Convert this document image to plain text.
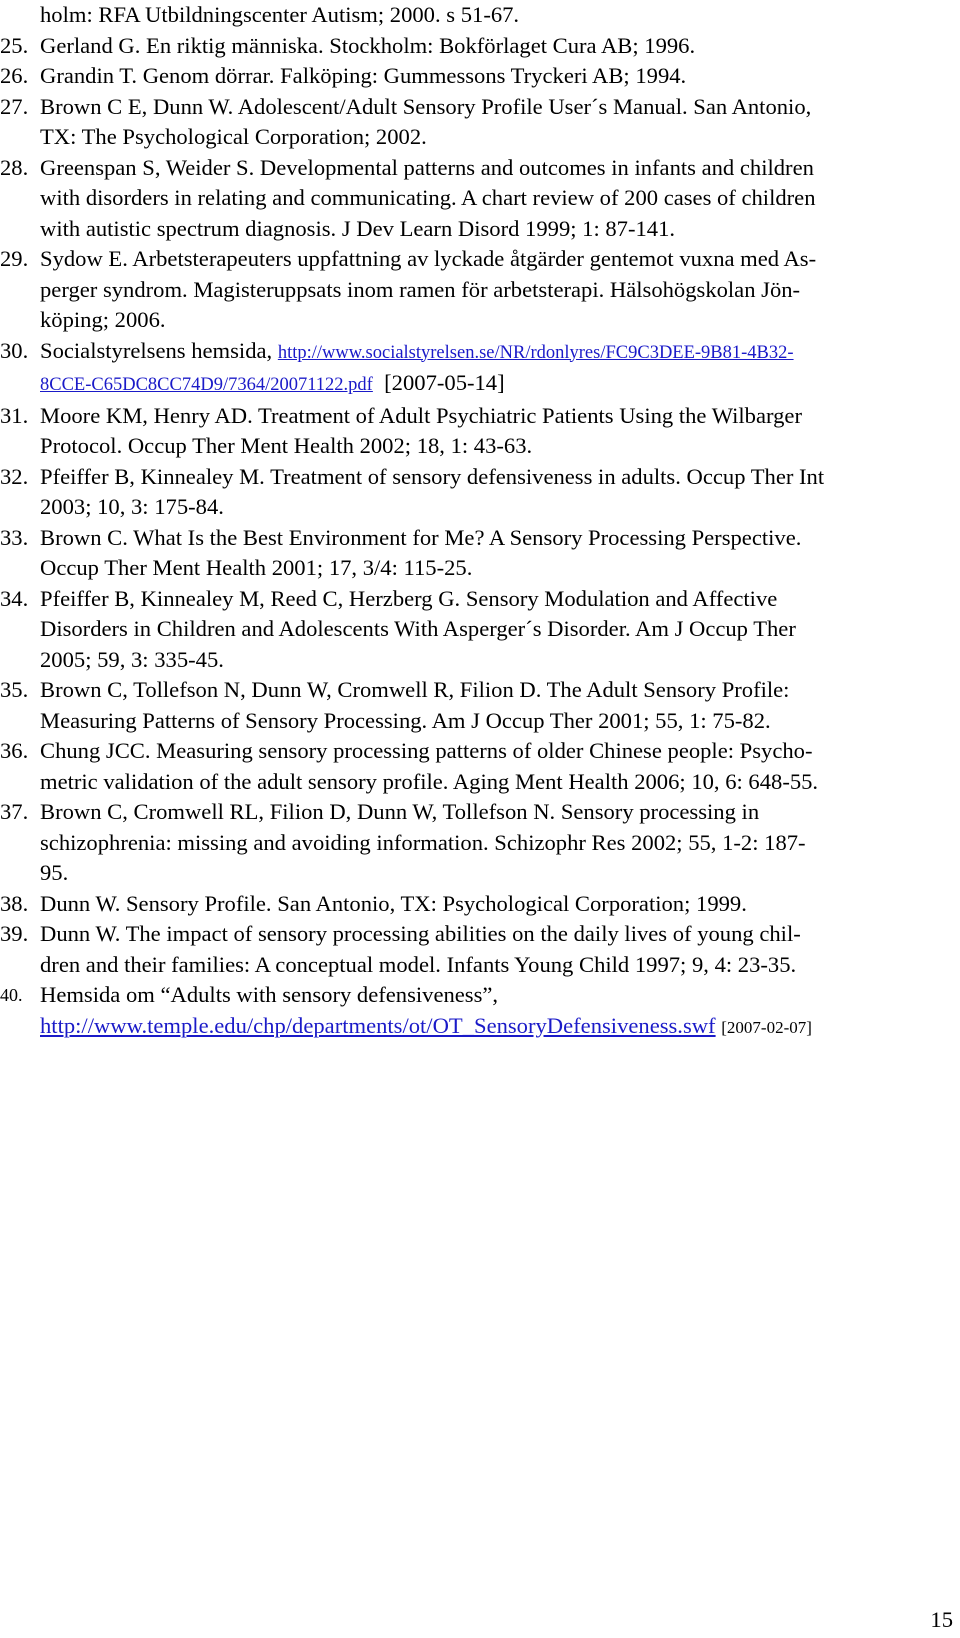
holm: RFA Utbildningscenter Autism; 2000. s 51-67.
25. Gerland G. En riktig människa. Stockholm: Bokförlaget Cura AB; 1996.
26. Grandin T. Genom dörrar. Falköping: Gummessons Tryckeri AB; 1994.
27. Brown C E, Dunn W. Adolescent/Adult Sensory Profile User´s Manual. San Antonio,
TX: The Psychological Corporation; 2002.
28. Greenspan S, Weider S. Developmental patterns and outcomes in infants and children
with disorders in relating and communicating. A chart review of 200 cases of children
with autistic spectrum diagnosis. J Dev Learn Disord 1999; 1: 87-141.
29. Sydow E. Arbetsterapeuters uppfattning av lyckade åtgärder gentemot vuxna med As-
perger syndrom. Magisteruppsats inom ramen för arbetsterapi. Hälsohögskolan Jön-
köping; 2006.
30. Socialstyrelsens hemsida, http://www.socialstyrelsen.se/NR/rdonlyres/FC9C3DEE-9B81-4B32-
8CCE-C65DC8CC74D9/7364/20071122.pdf [2007-05-14]
31. Moore KM, Henry AD. Treatment of Adult Psychiatric Patients Using the Wilbarger
Protocol. Occup Ther Ment Health 2002; 18, 1: 43-63.
32. Pfeiffer B, Kinnealey M. Treatment of sensory defensiveness in adults. Occup Ther Int
2003; 10, 3: 175-84.
33. Brown C. What Is the Best Environment for Me? A Sensory Processing Perspective.
Occup Ther Ment Health 2001; 17, 3/4: 115-25.
34. Pfeiffer B, Kinnealey M, Reed C, Herzberg G. Sensory Modulation and Affective
Disorders in Children and Adolescents With Asperger´s Disorder. Am J Occup Ther
2005; 59, 3: 335-45.
35. Brown C, Tollefson N, Dunn W, Cromwell R, Filion D. The Adult Sensory Profile:
Measuring Patterns of Sensory Processing. Am J Occup Ther 2001; 55, 1: 75-82.
36. Chung JCC. Measuring sensory processing patterns of older Chinese people: Psycho-
metric validation of the adult sensory profile. Aging Ment Health 2006; 10, 6: 648-55.
37. Brown C, Cromwell RL, Filion D, Dunn W, Tollefson N. Sensory processing in
schizophrenia: missing and avoiding information. Schizophr Res 2002; 55, 1-2: 187-
95.
38. Dunn W. Sensory Profile. San Antonio, TX: Psychological Corporation; 1999.
39. Dunn W. The impact of sensory processing abilities on the daily lives of young chil-
dren and their families: A conceptual model. Infants Young Child 1997; 9, 4: 23-35.
40. Hemsida om “Adults with sensory defensiveness”,
http://www.temple.edu/chp/departments/ot/OT_SensoryDefensiveness.swf [2007-02-07]
15
